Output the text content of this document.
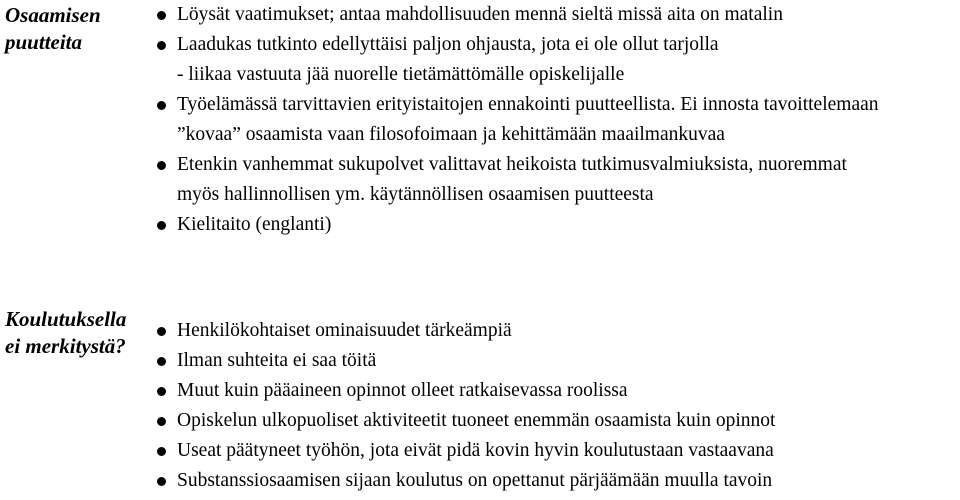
Osaamisen
puutteita
Löysät vaatimukset; antaa mahdollisuuden mennä sieltä missä aita on matalin
Laadukas tutkinto edellyttäisi paljon ohjausta, jota ei ole ollut tarjolla
- liikaa vastuuta jää nuorelle tietämättömälle opiskelijalle
Työelämässä tarvittavien erityistaitojen ennakointi puutteellista. Ei innosta tavoittelemaan
”kovaa” osaamista vaan filosofoimaan ja kehittämään maailmankuvaa
Etenkin vanhemmat sukupolvet valittavat heikoista tutkimusvalmiuksista, nuoremmat
myös hallinnollisen ym. käytännöllisen osaamisen puutteesta
Kielitaito (englanti)
Koulutuksella
ei merkitystä?
Henkilökohtaiset ominaisuudet tärkeämpiä
Ilman suhteita ei saa töitä
Muut kuin pääaineen opinnot olleet ratkaisevassa roolissa
Opiskelun ulkopuoliset aktiviteetit tuoneet enemmän osaamista kuin opinnot
Useat päätyneet työhön, jota eivät pidä kovin hyvin koulutustaan vastaavana
Substanssiosaamisen sijaan koulutus on opettanut pärjäämään muulla tavoin
